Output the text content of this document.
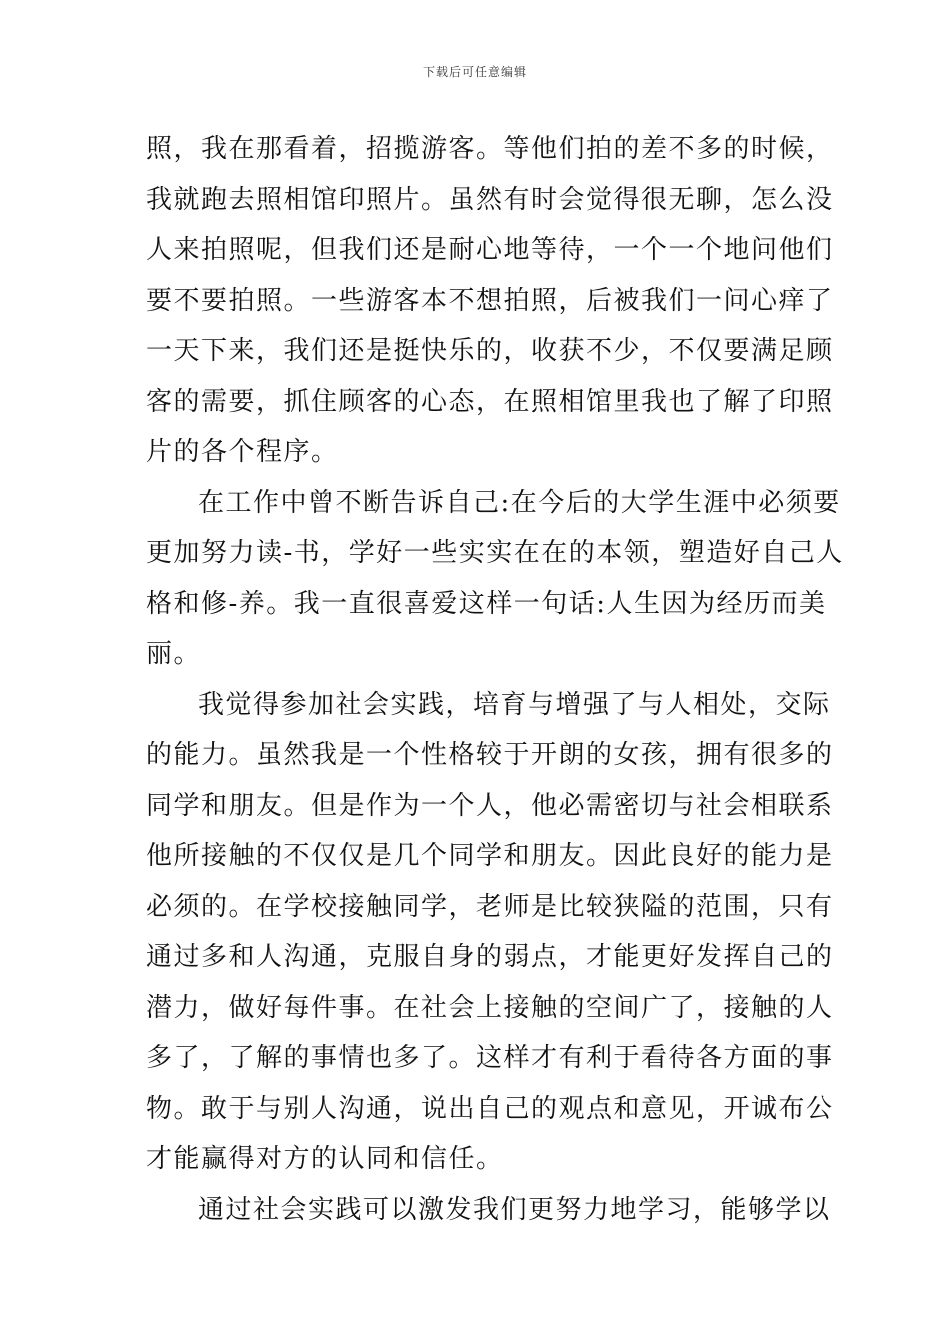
下载后可任意编辑
照，我在那看着，招揽游客。等他们拍的差不多的时候，
我就跑去照相馆印照片。虽然有时会觉得很无聊，怎么没
人来拍照呢，但我们还是耐心地等待，一个一个地问他们
要不要拍照。一些游客本不想拍照，后被我们一问心痒了
一天下来，我们还是挺快乐的，收获不少，不仅要满足顾
客的需要，抓住顾客的心态，在照相馆里我也了解了印照
片的各个程序。
在工作中曾不断告诉自己:在今后的大学生涯中必须要
更加努力读-书，学好一些实实在在的本领，塑造好自己人
格和修-养。我一直很喜爱这样一句话:人生因为经历而美
丽。
我觉得参加社会实践，培育与增强了与人相处，交际
的能力。虽然我是一个性格较于开朗的女孩，拥有很多的
同学和朋友。但是作为一个人，他必需密切与社会相联系
他所接触的不仅仅是几个同学和朋友。因此良好的能力是
必须的。在学校接触同学，老师是比较狭隘的范围，只有
通过多和人沟通，克服自身的弱点，才能更好发挥自己的
潜力，做好每件事。在社会上接触的空间广了，接触的人
多了，了解的事情也多了。这样才有利于看待各方面的事
物。敢于与别人沟通，说出自己的观点和意见，开诚布公
才能赢得对方的认同和信任。
通过社会实践可以激发我们更努力地学习，能够学以
